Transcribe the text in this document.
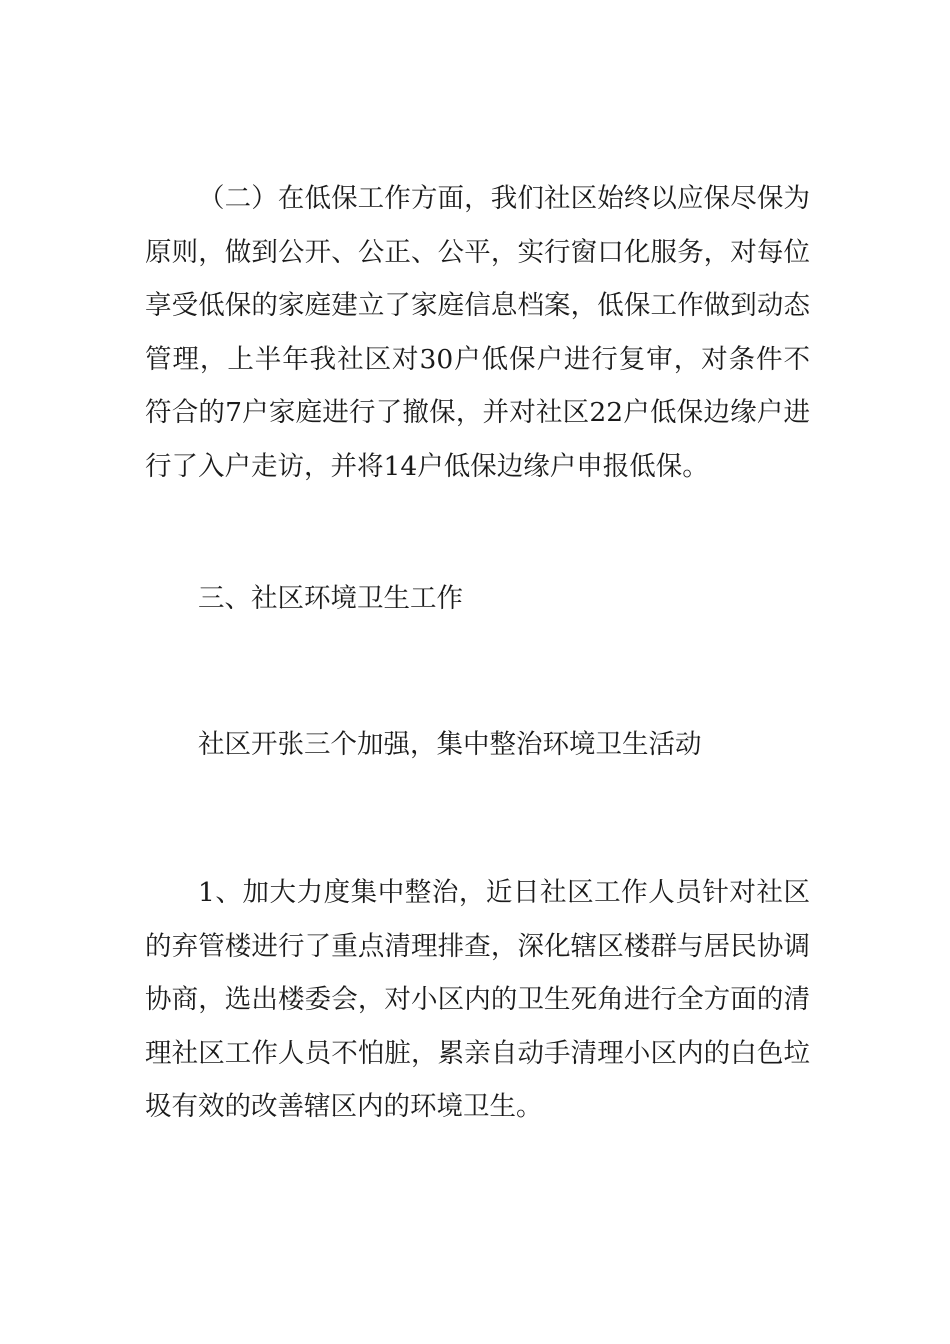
（二）在低保工作方面，我们社区始终以应保尽保为原则，做到公开、公正、公平，实行窗口化服务，对每位享受低保的家庭建立了家庭信息档案，低保工作做到动态管理，上半年我社区对30户低保户进行复审，对条件不符合的7户家庭进行了撤保，并对社区22户低保边缘户进行了入户走访，并将14户低保边缘户申报低保。

三、社区环境卫生工作

社区开张三个加强，集中整治环境卫生活动

1、加大力度集中整治，近日社区工作人员针对社区的弃管楼进行了重点清理排查，深化辖区楼群与居民协调协商，选出楼委会，对小区内的卫生死角进行全方面的清理社区工作人员不怕脏，累亲自动手清理小区内的白色垃圾有效的改善辖区内的环境卫生。
